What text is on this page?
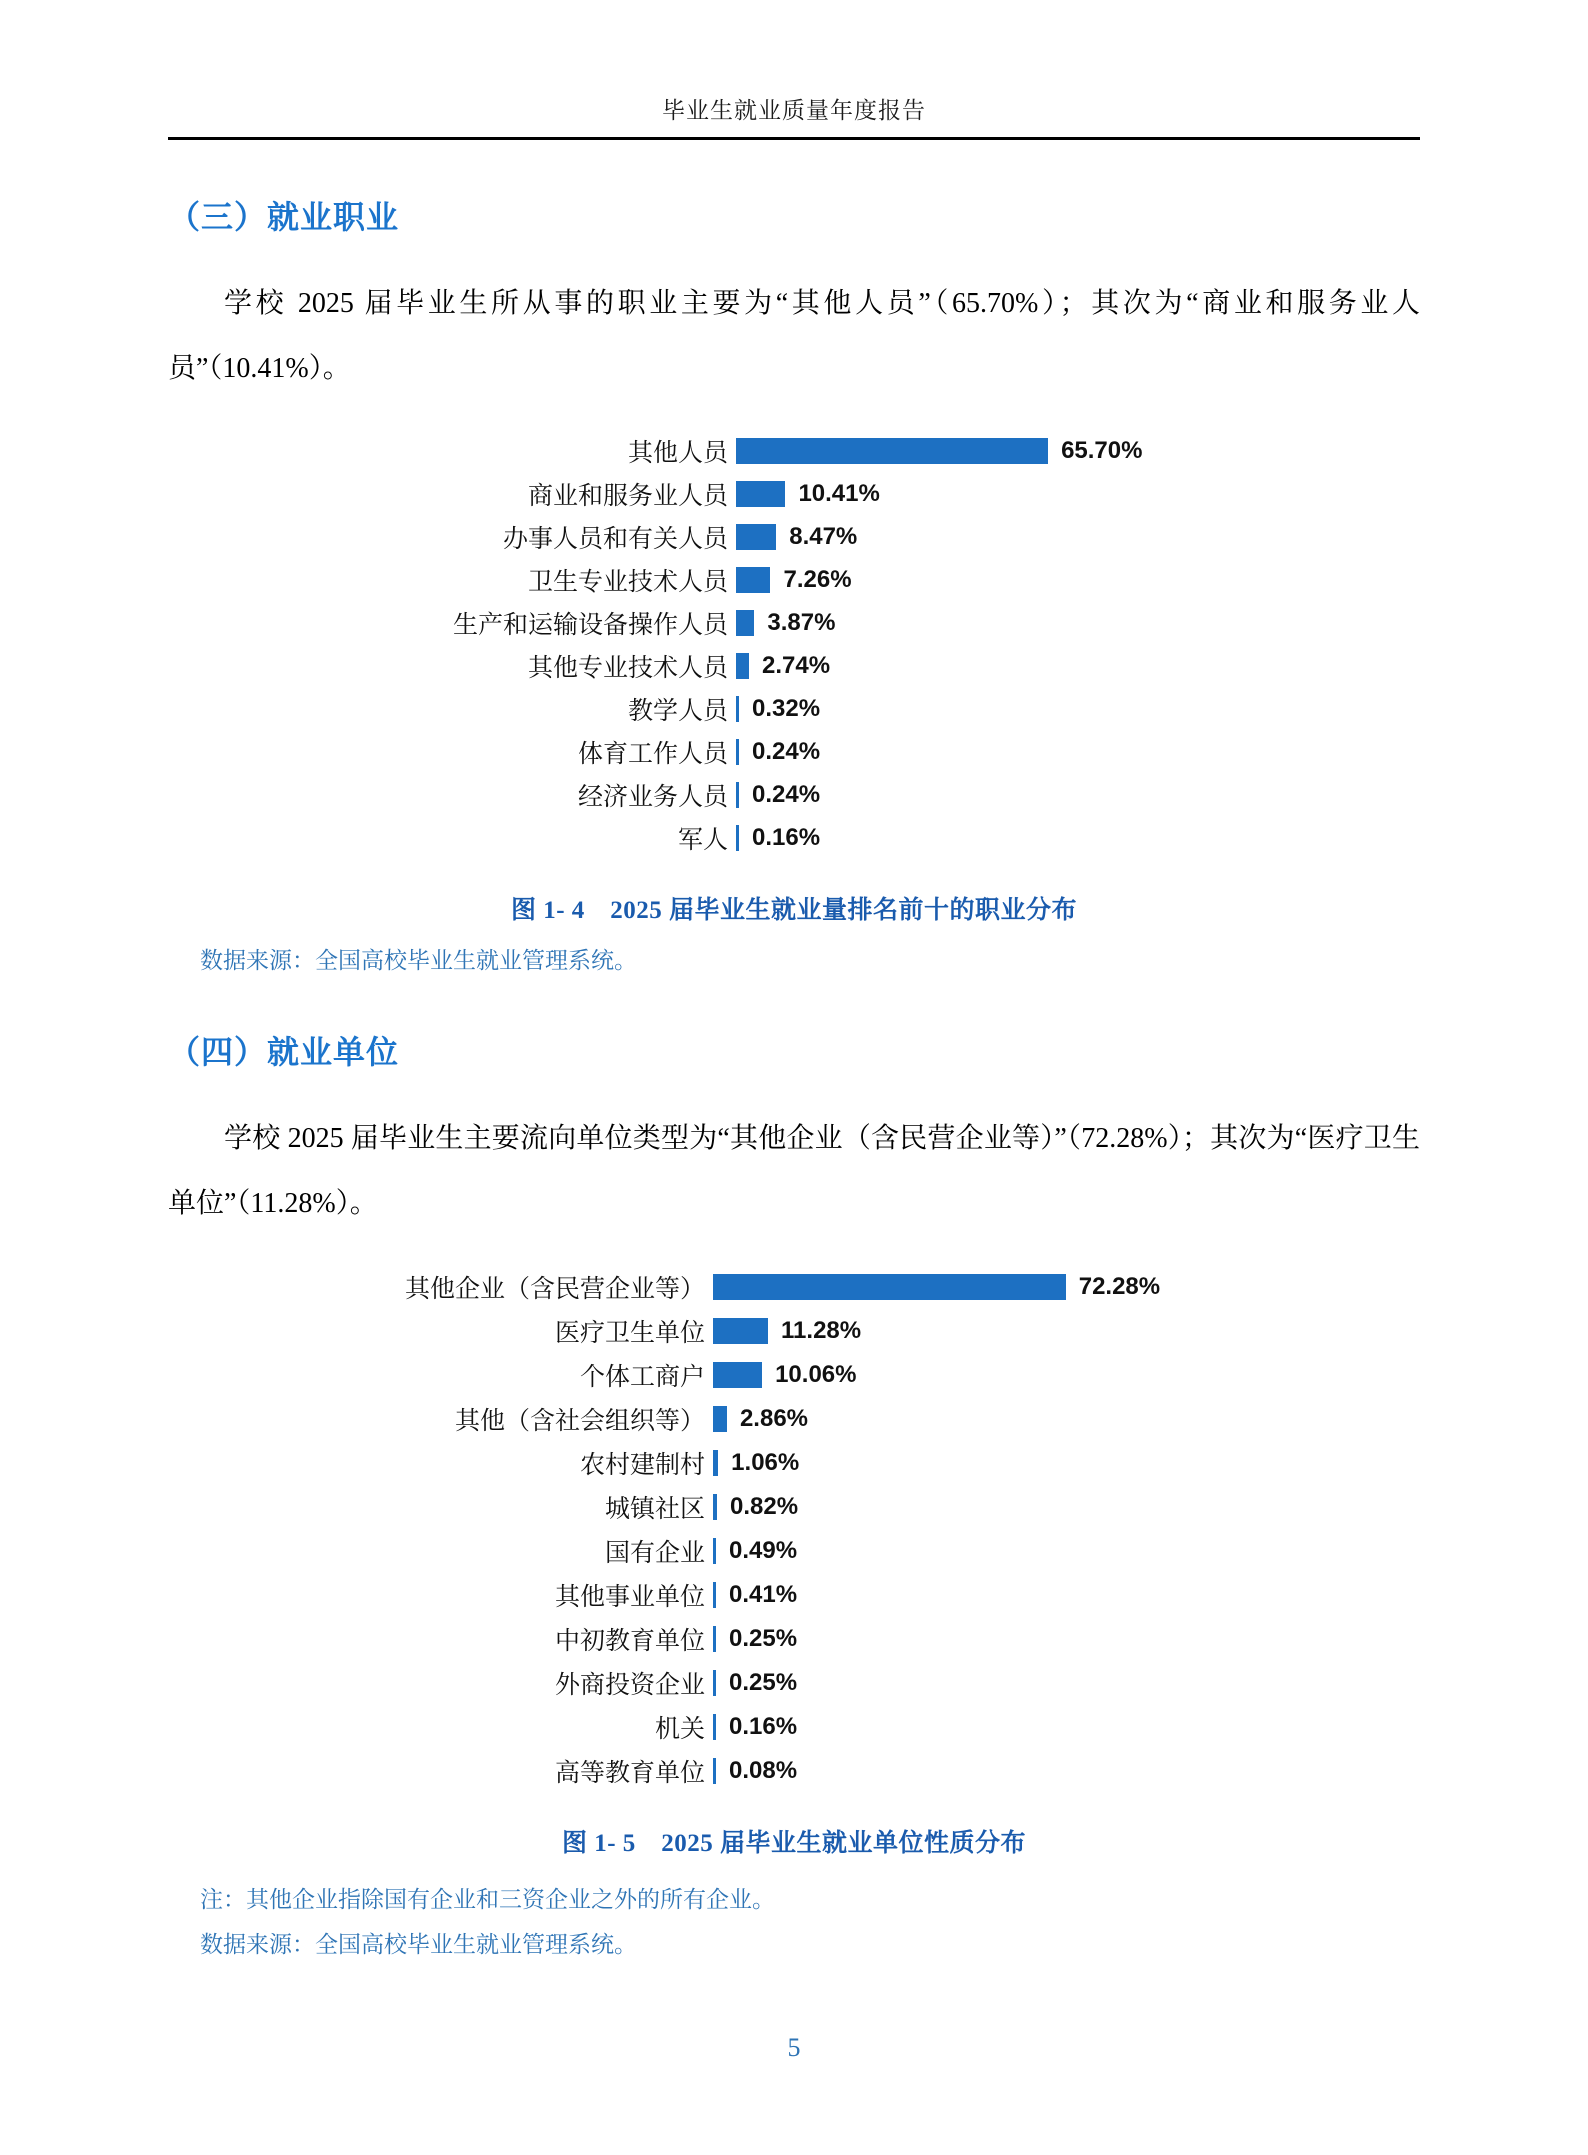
毕业生就业质量年度报告
（三）就业职业

学校 2025 届毕业生所从事的职业主要为“其他人员”（65.70%）；其次为“商业和服务业人员”（10.41%）。

其他人员	65.70%
商业和服务业人员	10.41%
办事人员和有关人员	8.47%
卫生专业技术人员 7.26%
生产和运输设备操作人员 3.87%
其他专业技术人员 2.74%
教学人员 0.32%
体育工作人员 0.24%
经济业务人员 0.24%
军人 0.16%
图 1- 4　2025 届毕业生就业量排名前十的职业分布
数据来源：全国高校毕业生就业管理系统。
（四）就业单位

学校 2025 届毕业生主要流向单位类型为“其他企业（含民营企业等）”（72.28%）；其次为“医疗卫生单位”（11.28%）。

其他企业（含民营企业等）	72.28%
医疗卫生单位	11.28%
个体工商户	10.06%
其他（含社会组织等） 2.86%
农村建制村 1.06%
城镇社区 0.82%
国有企业 0.49%
其他事业单位 0.41%
中初教育单位 0.25%
外商投资企业 0.25%
机关 0.16%
高等教育单位 0.08%
图 1- 5　2025 届毕业生就业单位性质分布
注：其他企业指除国有企业和三资企业之外的所有企业。
数据来源：全国高校毕业生就业管理系统。
5
